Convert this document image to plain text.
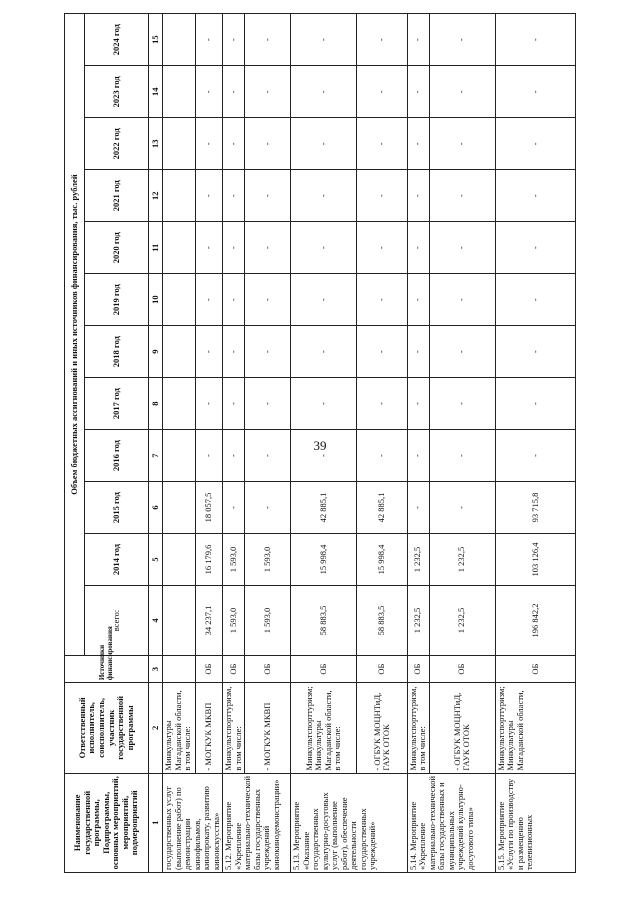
39
Наименование государственной программы, Подпрограммы, основных мероприятий, мероприятий, подмероприятий	Ответственный исполнитель, соисполнитель, участник государственной программы	Источники финансирования	Объем бюджетных ассигнований и иных источников финансирования, тыс. рублей											
			всего:	2014 год	2015 год	2016 год	2017 год	2018 год	2019 год	2020 год	2021 год	2022 год	2023 год	2024 год
1	2	3	4	5	6	7	8	9	10	11	12	13	14	15
государственных услуг (выполнение работ) по демонстрации кинофильмов, кинопрокату, развитию киноискусства»	Минкультуры Магаданской области, в том числе:													
	- МОГКУК МКВП	ОБ	34 237,1	16 179,6	18 057,5	-	-	-	-	-	-	-	-	-
5.12. Мероприятие «Укрепление материально-технической базы государственных учреждений кинокинодемонстрации»	Минкультспорттуризм, в том числе:	ОБ	1 593,0	1 593,0	-	-	-	-	-	-	-	-	-	-
	- МОГКУК МКВП	ОБ	1 593,0	1 593,0	-	-	-	-	-	-	-	-	-	-
5.13. Мероприятие «Оказание государственных культурно-досуговых услуг (выполнение работ), обеспечение деятельности государственных учреждений»	Минкультспорттуризм; Минкультуры Магаданской области, в том числе:	ОБ	58 883,5	15 998,4	42 885,1	-	-	-	-	-	-	-	-	-
	- ОГБУК МОЦНТиД, ГАУК ОТОК	ОБ	58 883,5	15 998,4	42 885,1	-	-	-	-	-	-	-	-	-
5.14. Мероприятие «Укрепление материально-технической базы государственных и муниципальных учреждений культурно-досугового типа»	Минкультспорттуризм, в том числе:	ОБ	1 232,5	1 232,5	-	-	-	-	-	-	-	-	-	-
	- ОГБУК МОЦНТиД, ГАУК ОТОК	ОБ	1 232,5	1 232,5	-	-	-	-	-	-	-	-	-	-
5.15. Мероприятие «Услуги по производству и размещению телевизионных	Минкультспорттуризм; Минкультуры Магаданской области,	ОБ	196 842,2	103 126,4	93 715,8	-	-	-	-	-	-	-	-	-
